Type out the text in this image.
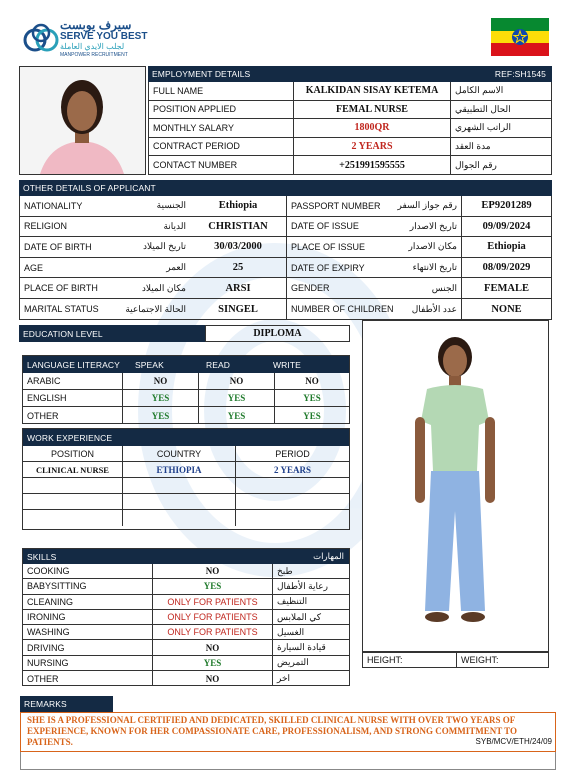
سيرف يوبست
SERVE YOU BEST
لجلب الايدي العاملة
MANPOWER RECRUITMENT
EMPLOYMENT DETAILS	REF:SH1545
FULL NAME	KALKIDAN SISAY KETEMA	الاسم الكامل
POSITION APPLIED	FEMAL NURSE	الحال التطبيقي
MONTHLY SALARY	1800QR	الراتب الشهري
CONTRACT PERIOD	2 YEARS	مدة العقد
CONTACT NUMBER	+251991595555	رقم الجوال
OTHER DETAILS OF APPLICANT
NATIONALITY	الجنسية	Ethiopia	PASSPORT NUMBER	رقم جواز السفر	EP9201289
RELIGION	الديانة	CHRISTIAN	DATE OF ISSUE	تاريخ الاصدار	09/09/2024
DATE OF BIRTH	تاريخ الميلاد	30/03/2000	PLACE OF ISSUE	مكان الاصدار	Ethiopia
AGE	العمر	25	DATE OF EXPIRY	تاريخ الانتهاء	08/09/2029
PLACE OF BIRTH	مكان الميلاد	ARSI	GENDER	الجنس	FEMALE
MARITAL STATUS	الحالة الاجتماعية	SINGEL	NUMBER OF CHILDREN	عدد الأطفال	NONE
EDUCATION LEVEL	DIPLOMA
HEIGHT:	WEIGHT:
LANGUAGE LITERACY SPEAK	READ	WRITE
ARABIC	NO	NO	NO
ENGLISH	YES	YES	YES
OTHER	YES	YES	YES
WORK EXPERIENCE
POSITION	COUNTRY	PERIOD
CLINICAL NURSE	ETHIOPIA	2 YEARS
SKILLS	المهارات
COOKING	NO	طبخ
BABYSITTING	YES	رعاية الأطفال
CLEANING	ONLY FOR PATIENTS	التنظيف
IRONING	ONLY FOR PATIENTS	كي الملابس
WASHING	ONLY FOR PATIENTS	الغسيل
DRIVING	NO	قيادة السيارة
NURSING	YES	التمريض
OTHER	NO	اخر
REMARKS
SHE IS A PROFESSIONAL CERTIFIED AND DEDICATED, SKILLED CLINICAL NURSE WITH OVER TWO YEARS OF EXPERIENCE, KNOWN FOR HER COMPASSIONATE CARE, PROFESSIONALISM, AND STRONG COMMITMENT TO PATIENTS.	SYB/MCV/ETH/24/09
